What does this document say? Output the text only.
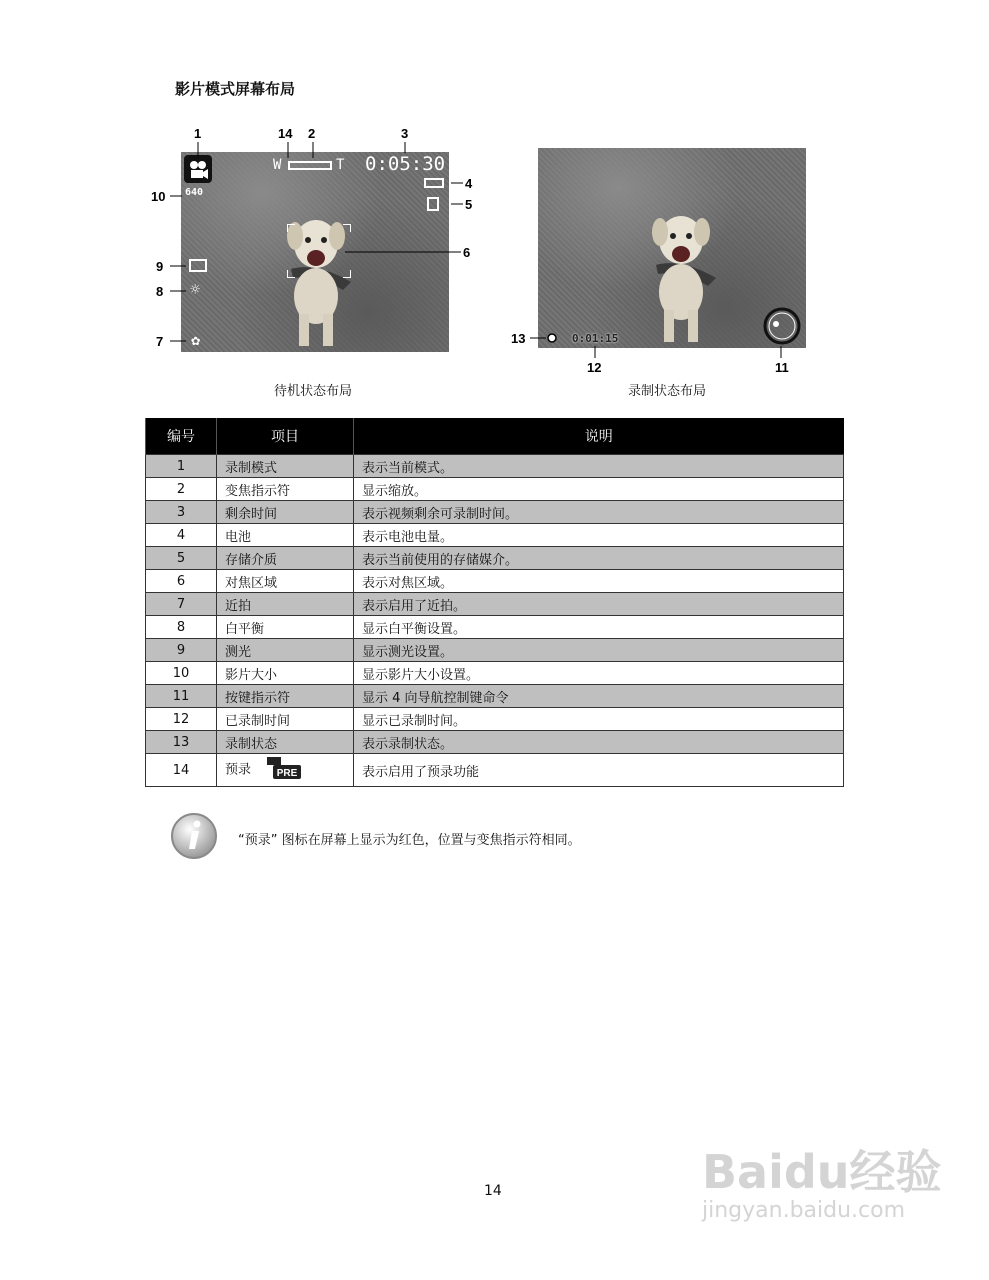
影片模式屏幕布局
W	T 0:05:30
640
☼
✿	0:01:15
1	14 2	3
4
5
6
10
9
8
7	13
12	11
待机状态布局	录制状态布局
编号	项目	说明
1	录制模式	表示当前模式。
2	变焦指示符	显示缩放。
3	剩余时间	表示视频剩余可录制时间。
4	电池	表示电池电量。
5	存储介质	表示当前使用的存储媒介。
6	对焦区域	表示对焦区域。
7	近拍	表示启用了近拍。
8	白平衡	显示白平衡设置。
9	测光	显示测光设置。
10	影片大小	显示影片大小设置。
11	按键指示符	显示 4 向导航控制键命令
12	已录制时间	显示已录制时间。
13	录制状态	表示录制状态。
14	预录 PRE	表示启用了预录功能
“预录” 图标在屏幕上显示为红色，位置与变焦指示符相同。
14	Baidu经验
jingyan.baidu.com
